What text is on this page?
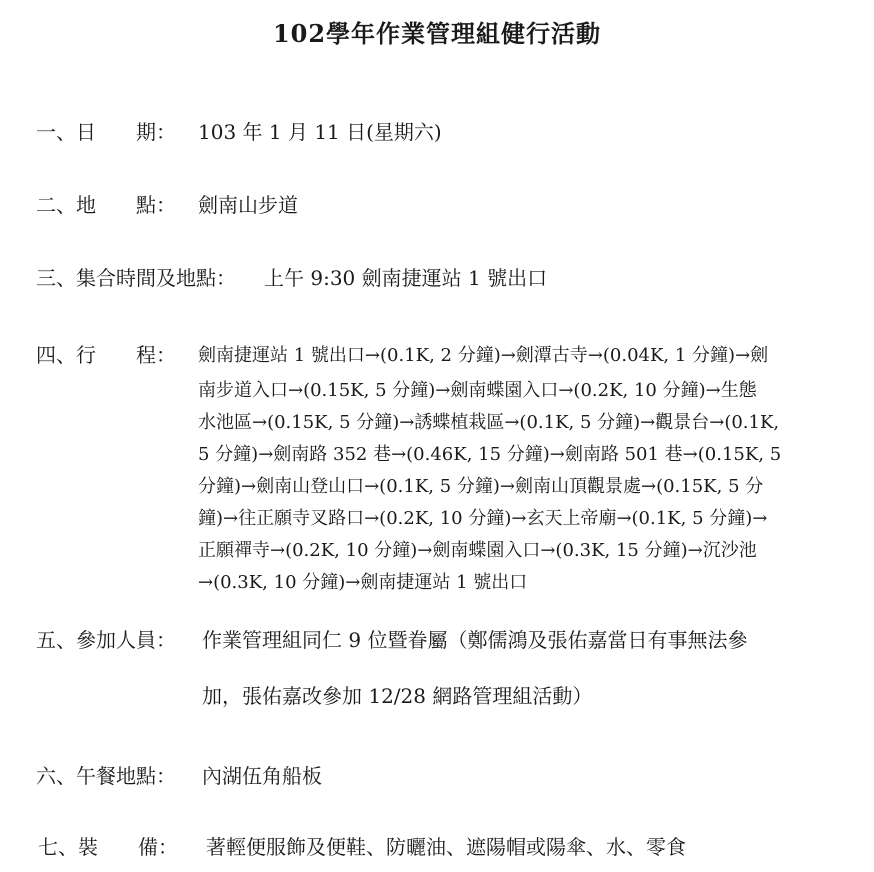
102學年作業管理組健行活動
一、日　　期： 103 年 1 月 11 日(星期六)
二、地　　點： 劍南山步道
三、集合時間及地點： 上午 9:30 劍南捷運站 1 號出口
四、行　　程： 劍南捷運站 1 號出口→(0.1K, 2 分鐘)→劍潭古寺→(0.04K, 1 分鐘)→劍
南步道入口→(0.15K, 5 分鐘)→劍南蝶園入口→(0.2K, 10 分鐘)→生態
水池區→(0.15K, 5 分鐘)→誘蝶植栽區→(0.1K, 5 分鐘)→觀景台→(0.1K,
5 分鐘)→劍南路 352 巷→(0.46K, 15 分鐘)→劍南路 501 巷→(0.15K, 5
分鐘)→劍南山登山口→(0.1K, 5 分鐘)→劍南山頂觀景處→(0.15K, 5 分
鐘)→往正願寺叉路口→(0.2K, 10 分鐘)→玄天上帝廟→(0.1K, 5 分鐘)→
正願禪寺→(0.2K, 10 分鐘)→劍南蝶園入口→(0.3K, 15 分鐘)→沉沙池
→(0.3K, 10 分鐘)→劍南捷運站 1 號出口
五、參加人員： 作業管理組同仁 9 位暨眷屬（鄭儒鴻及張佑嘉當日有事無法參
加，張佑嘉改參加 12/28 網路管理組活動）
六、午餐地點： 內湖伍角船板
七、裝　　備： 著輕便服飾及便鞋、防曬油、遮陽帽或陽傘、水、零食
